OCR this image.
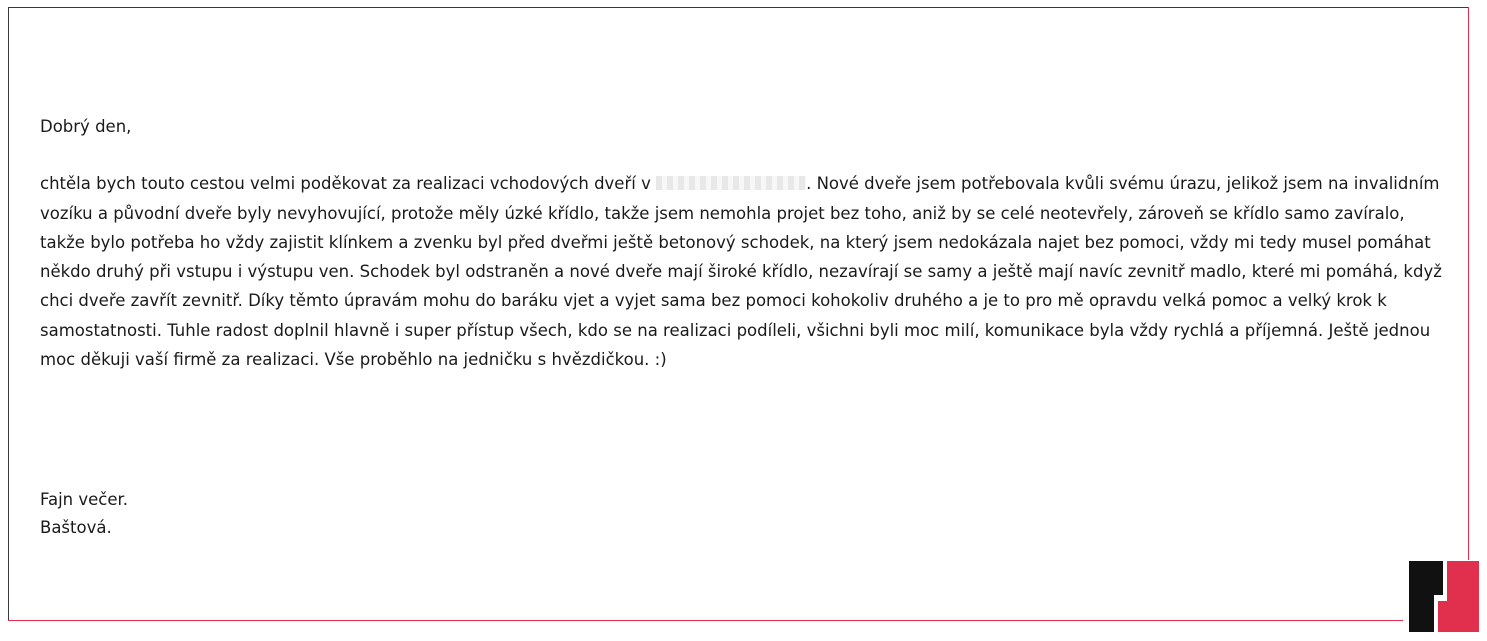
Dobrý den,

chtěla bych touto cestou velmi poděkovat za realizaci vchodových dveří v	. Nové dveře jsem potřebovala kvůli svému úrazu, jelikož jsem na invalidním vozíku a původní dveře byly nevyhovující, protože měly úzké křídlo, takže jsem nemohla projet bez toho, aniž by se celé neotevřely, zároveň se křídlo samo zavíralo, takže bylo potřeba ho vždy zajistit klínkem a zvenku byl před dveřmi ještě betonový schodek, na který jsem nedokázala najet bez pomoci, vždy mi tedy musel pomáhat někdo druhý při vstupu i výstupu ven. Schodek byl odstraněn a nové dveře mají široké křídlo, nezavírají se samy a ještě mají navíc zevnitř madlo, které mi pomáhá, když chci dveře zavřít zevnitř. Díky těmto úpravám mohu do baráku vjet a vyjet sama bez pomoci kohokoliv druhého a je to pro mě opravdu velká pomoc a velký krok k samostatnosti. Tuhle radost doplnil hlavně i super přístup všech, kdo se na realizaci podíleli, všichni byli moc milí, komunikace byla vždy rychlá a příjemná. Ještě jednou moc děkuji vaší firmě za realizaci. Vše proběhlo na jedničku s hvězdičkou. :)

Fajn večer.

Baštová.
